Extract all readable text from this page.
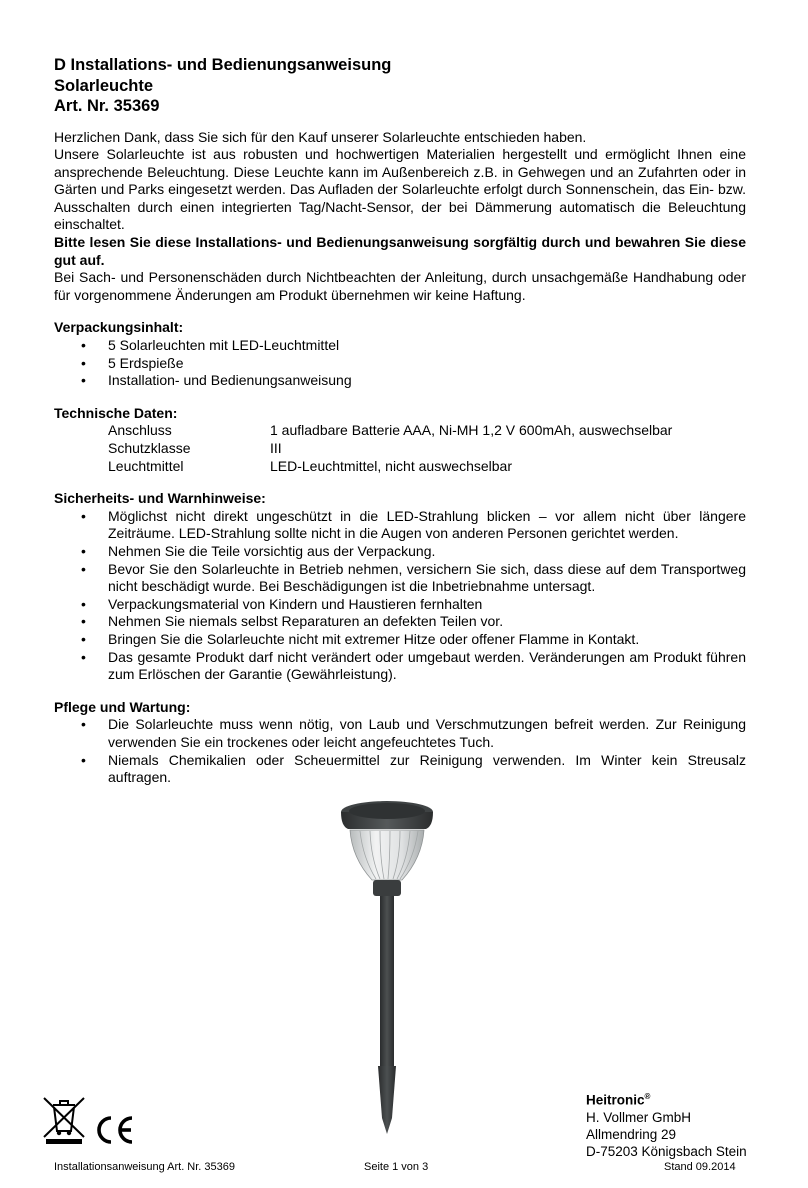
D Installations- und Bedienungsanweisung
Solarleuchte
Art. Nr. 35369

Herzlichen Dank, dass Sie sich für den Kauf unserer Solarleuchte entschieden haben.

Unsere Solarleuchte ist aus robusten und hochwertigen Materialien hergestellt und ermöglicht Ihnen eine ansprechende Beleuchtung. Diese Leuchte kann im Außenbereich z.B. in Gehwegen und an Zufahrten oder in Gärten und Parks eingesetzt werden. Das Aufladen der Solarleuchte erfolgt durch Sonnenschein, das Ein- bzw. Ausschalten durch einen integrierten Tag/Nacht-Sensor, der bei Dämmerung automatisch die Beleuchtung einschaltet.

Bitte lesen Sie diese Installations- und Bedienungsanweisung sorgfältig durch und bewahren Sie diese gut auf.

Bei Sach- und Personenschäden durch Nichtbeachten der Anleitung, durch unsachgemäße Handhabung oder für vorgenommene Änderungen am Produkt übernehmen wir keine Haftung.

Verpackungsinhalt:
• 5 Solarleuchten mit LED-Leuchtmittel
• 5 Erdspieße
• Installation- und Bedienungsanweisung
Technische Daten:
Anschluss	1 aufladbare Batterie AAA, Ni-MH 1,2 V 600mAh, auswechselbar
Schutzklasse	III
Leuchtmittel	LED-Leuchtmittel, nicht auswechselbar
Sicherheits- und Warnhinweise:
• Möglichst nicht direkt ungeschützt in die LED-Strahlung blicken – vor allem nicht über längere Zeiträume. LED-Strahlung sollte nicht in die Augen von anderen Personen gerichtet werden.
• Nehmen Sie die Teile vorsichtig aus der Verpackung.
• Bevor Sie den Solarleuchte in Betrieb nehmen, versichern Sie sich, dass diese auf dem Transportweg nicht beschädigt wurde. Bei Beschädigungen ist die Inbetriebnahme untersagt.
• Verpackungsmaterial von Kindern und Haustieren fernhalten
• Nehmen Sie niemals selbst Reparaturen an defekten Teilen vor.
• Bringen Sie die Solarleuchte nicht mit extremer Hitze oder offener Flamme in Kontakt.
• Das gesamte Produkt darf nicht verändert oder umgebaut werden. Veränderungen am Produkt führen zum Erlöschen der Garantie (Gewährleistung).
Pflege und Wartung:
• Die Solarleuchte muss wenn nötig, von Laub und Verschmutzungen befreit werden. Zur Reinigung verwenden Sie ein trockenes oder leicht angefeuchtetes Tuch.
• Niemals Chemikalien oder Scheuermittel zur Reinigung verwenden. Im Winter kein Streusalz auftragen.
Heitronic®
H. Vollmer GmbH
Allmendring 29
D-75203 Königsbach Stein
Installationsanweisung Art. Nr. 35369	Seite 1 von 3	Stand 09.2014
